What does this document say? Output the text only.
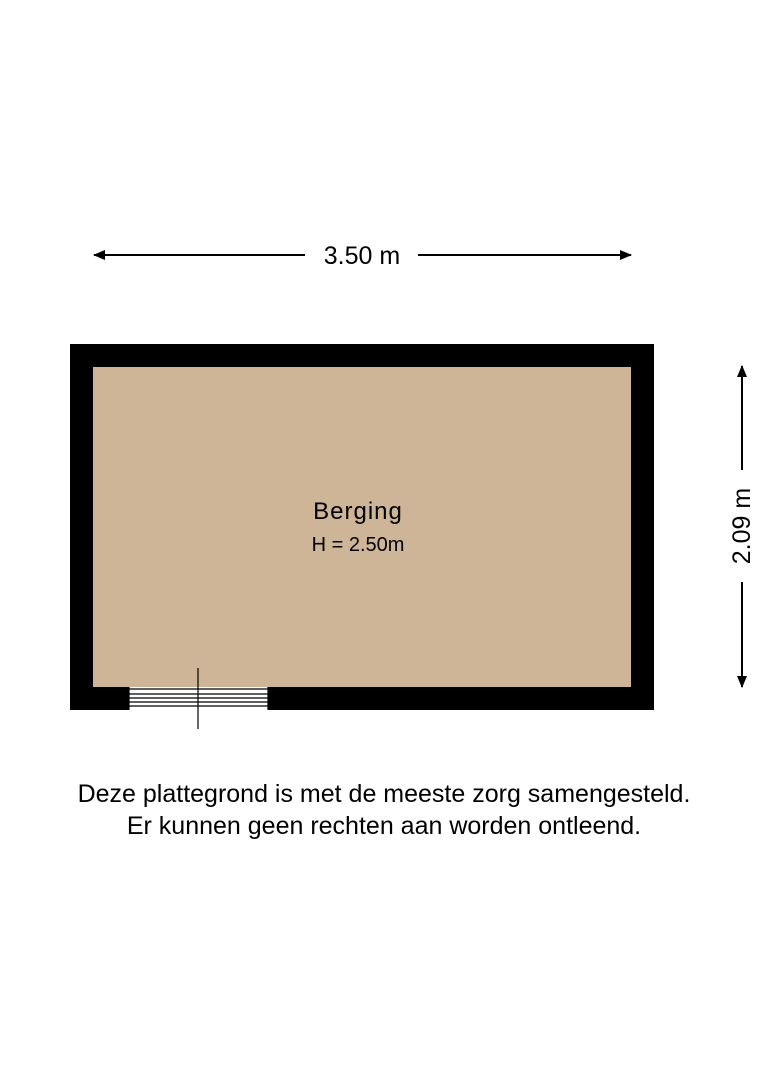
3.50 m
2.09 m
Berging
H = 2.50m

Deze plattegrond is met de meeste zorg samengesteld.
Er kunnen geen rechten aan worden ontleend.
